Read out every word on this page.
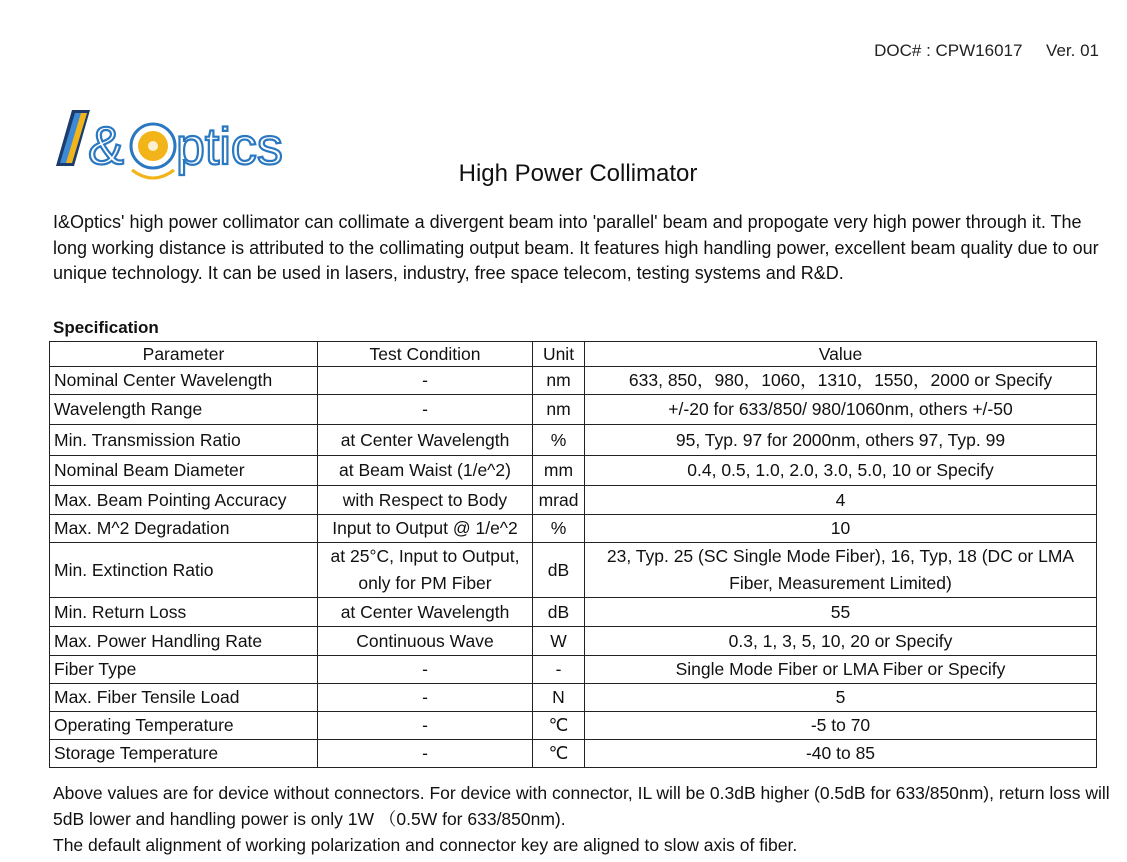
DOC# : CPW16017     Ver. 01
& ptics	High Power Collimator
I&Optics' high power collimator can collimate a divergent beam into 'parallel' beam and propogate very high power through it. The long working distance is attributed to the collimating output beam. It features high handling power, excellent beam quality due to our unique technology. It can be used in lasers, industry, free space telecom, testing systems and R&D.
Specification
Parameter	Test Condition	Unit	Value
Nominal Center Wavelength	-	nm	633, 850，980，1060，1310，1550，2000 or Specify
Wavelength Range	-	nm	+/-20 for 633/850/ 980/1060nm, others +/-50
Min. Transmission Ratio	at Center Wavelength	%	95, Typ. 97 for 2000nm, others 97, Typ. 99
Nominal Beam Diameter	at Beam Waist (1/e^2)	mm	0.4, 0.5, 1.0, 2.0, 3.0, 5.0, 10 or Specify
Max. Beam Pointing Accuracy	with Respect to Body	mrad	4
Max. M^2 Degradation	Input to Output @ 1/e^2	%	10
Min. Extinction Ratio	at 25°C, Input to Output, only for PM Fiber	dB	23, Typ. 25 (SC Single Mode Fiber), 16, Typ, 18 (DC or LMA Fiber, Measurement Limited)
Min. Return Loss	at Center Wavelength	dB	55
Max. Power Handling Rate	Continuous Wave	W	0.3, 1, 3, 5, 10, 20 or Specify
Fiber Type	-	-	Single Mode Fiber or LMA Fiber or Specify
Max. Fiber Tensile Load	-	N	5
Operating Temperature	-	℃	-5 to 70
Storage Temperature	-	℃	-40 to 85
Above values are for device without connectors. For device with connector, IL will be 0.3dB higher (0.5dB for 633/850nm), return loss will 5dB lower and handling power is only 1W （0.5W for 633/850nm).
The default alignment of working polarization and connector key are aligned to slow axis of fiber.
